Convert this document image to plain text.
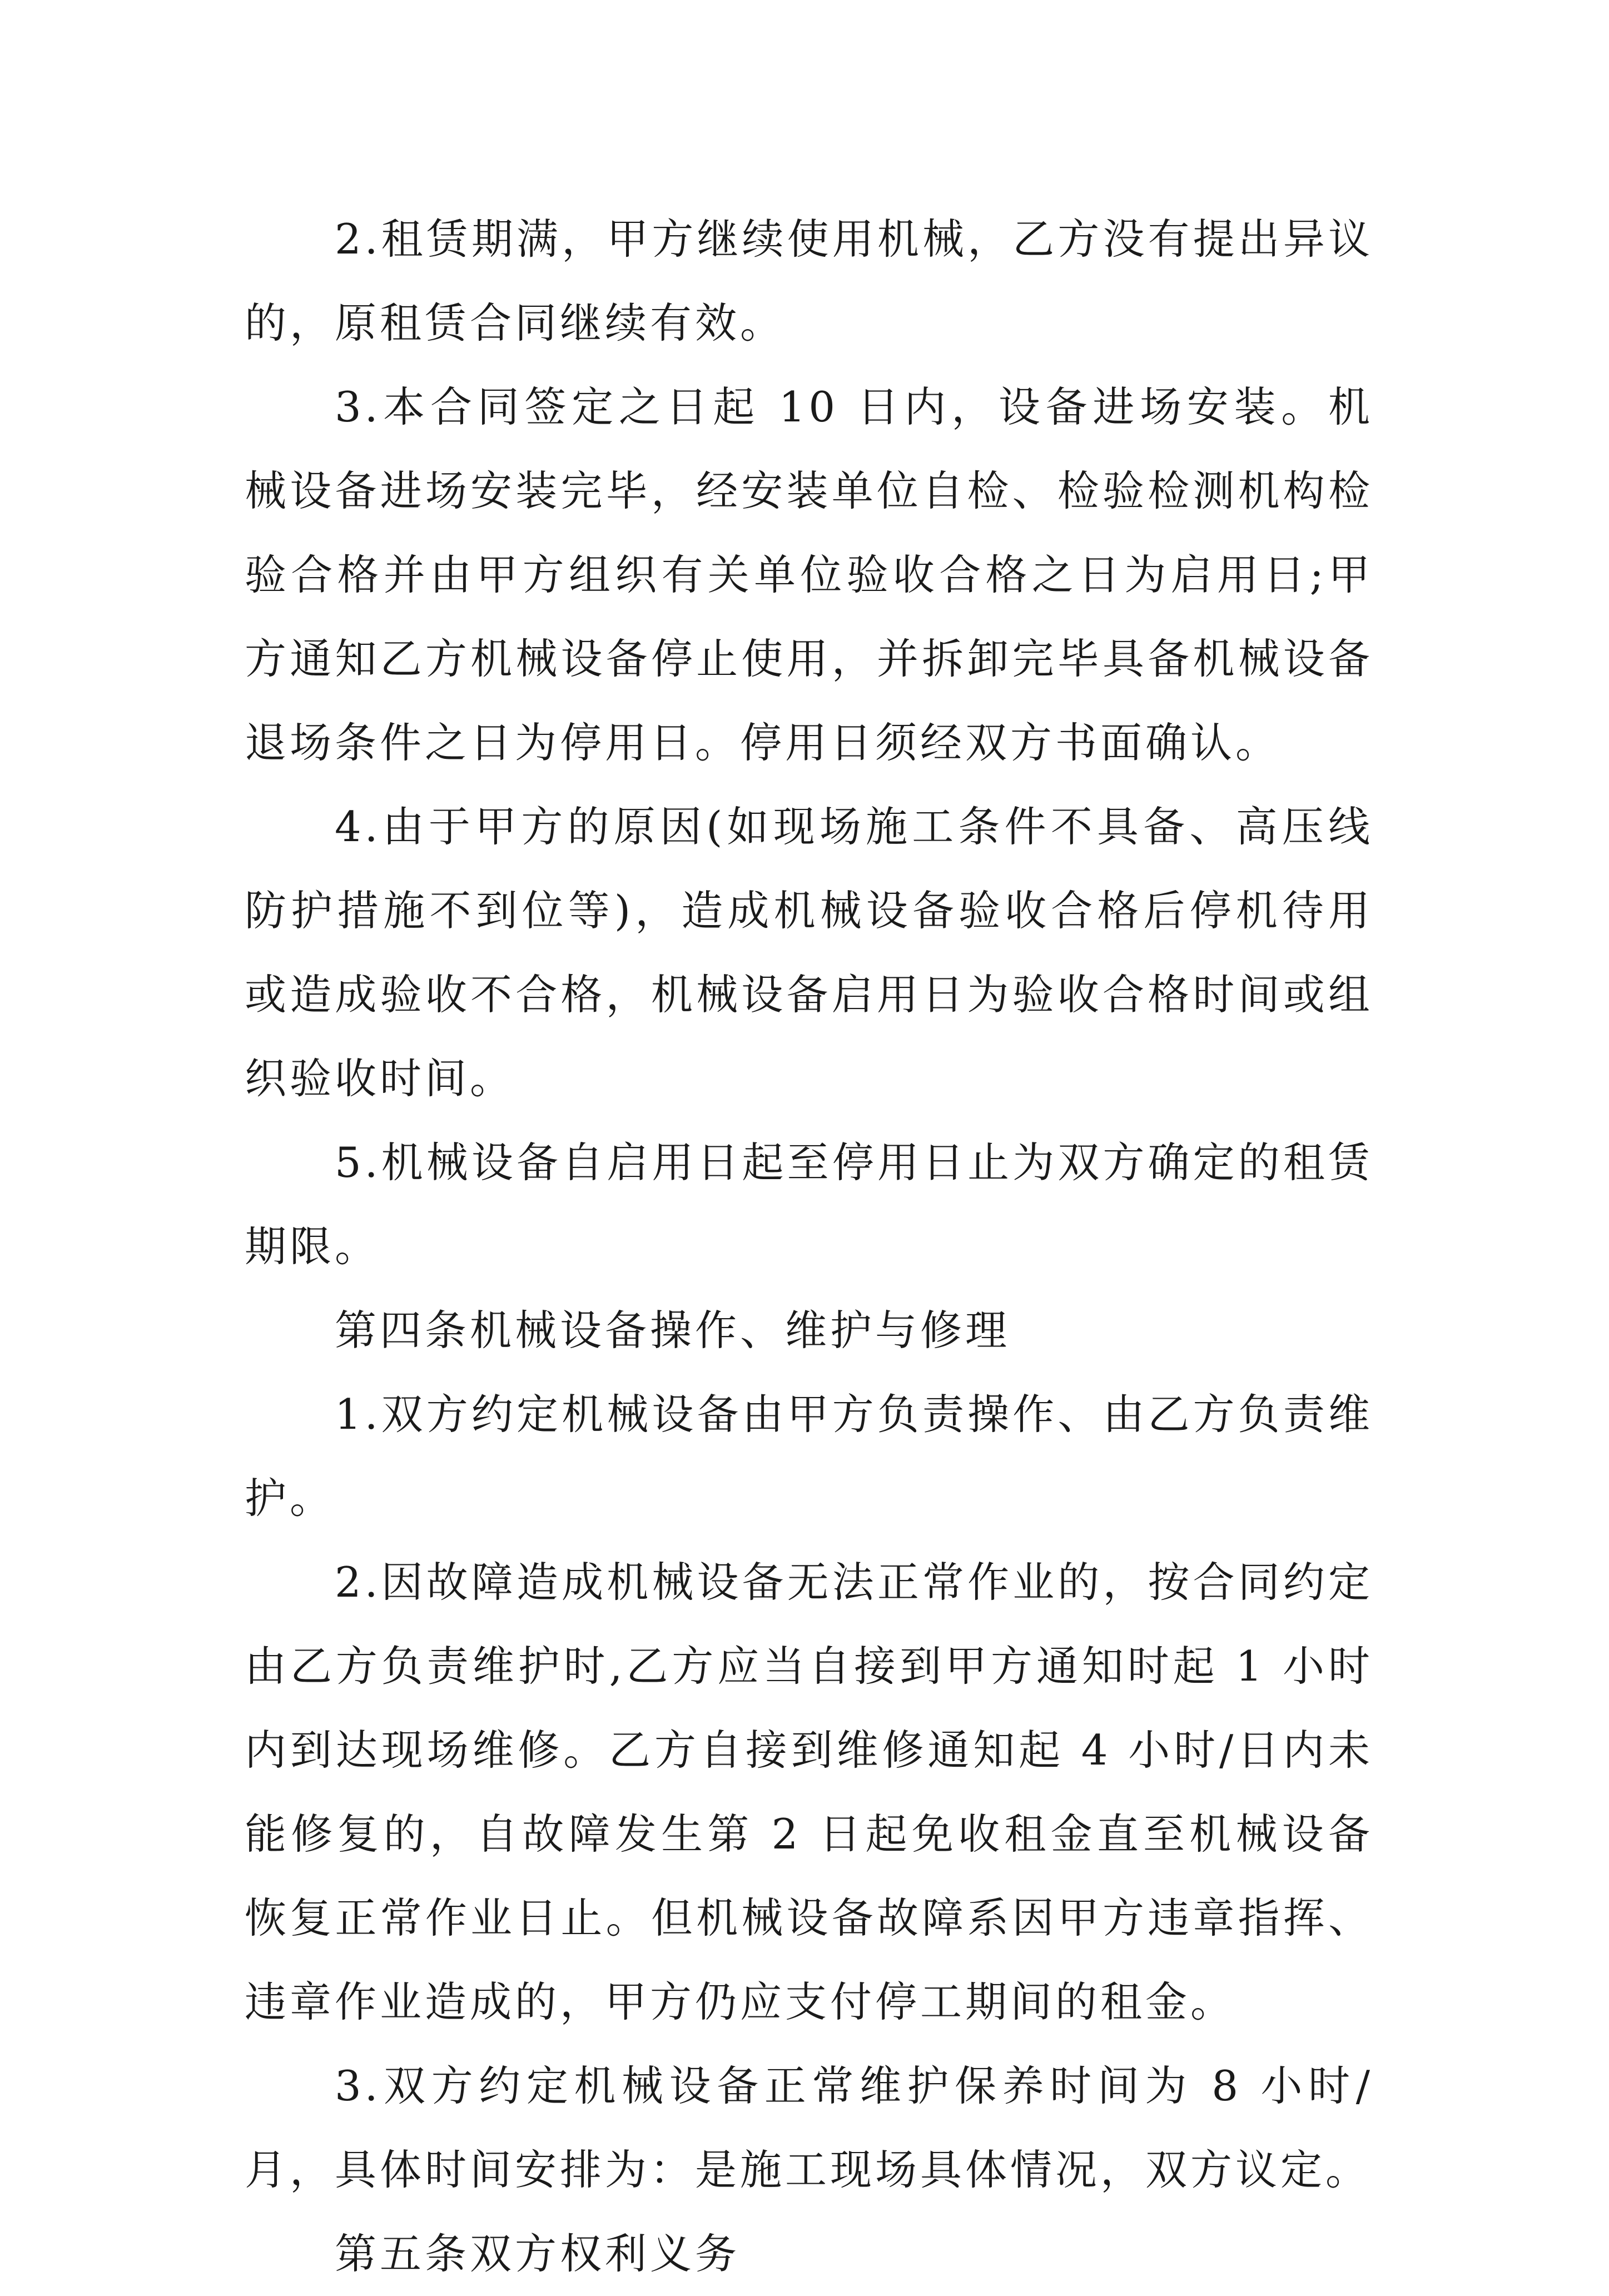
2.租赁期满，甲方继续使用机械，乙方没有提出异议的，原租赁合同继续有效。

3.本合同签定之日起 10 日内，设备进场安装。机械设备进场安装完毕，经安装单位自检、检验检测机构检验合格并由甲方组织有关单位验收合格之日为启用日;甲方通知乙方机械设备停止使用，并拆卸完毕具备机械设备退场条件之日为停用日。停用日须经双方书面确认。

4.由于甲方的原因(如现场施工条件不具备、高压线防护措施不到位等)，造成机械设备验收合格后停机待用或造成验收不合格，机械设备启用日为验收合格时间或组织验收时间。

5.机械设备自启用日起至停用日止为双方确定的租赁期限。

第四条机械设备操作、维护与修理

1.双方约定机械设备由甲方负责操作、由乙方负责维护。

2.因故障造成机械设备无法正常作业的，按合同约定由乙方负责维护时,乙方应当自接到甲方通知时起 1 小时内到达现场维修。乙方自接到维修通知起 4 小时/日内未能修复的，自故障发生第 2 日起免收租金直至机械设备恢复正常作业日止。但机械设备故障系因甲方违章指挥、违章作业造成的，甲方仍应支付停工期间的租金。

3.双方约定机械设备正常维护保养时间为 8 小时/月，具体时间安排为：是施工现场具体情况，双方议定。

第五条双方权利义务
